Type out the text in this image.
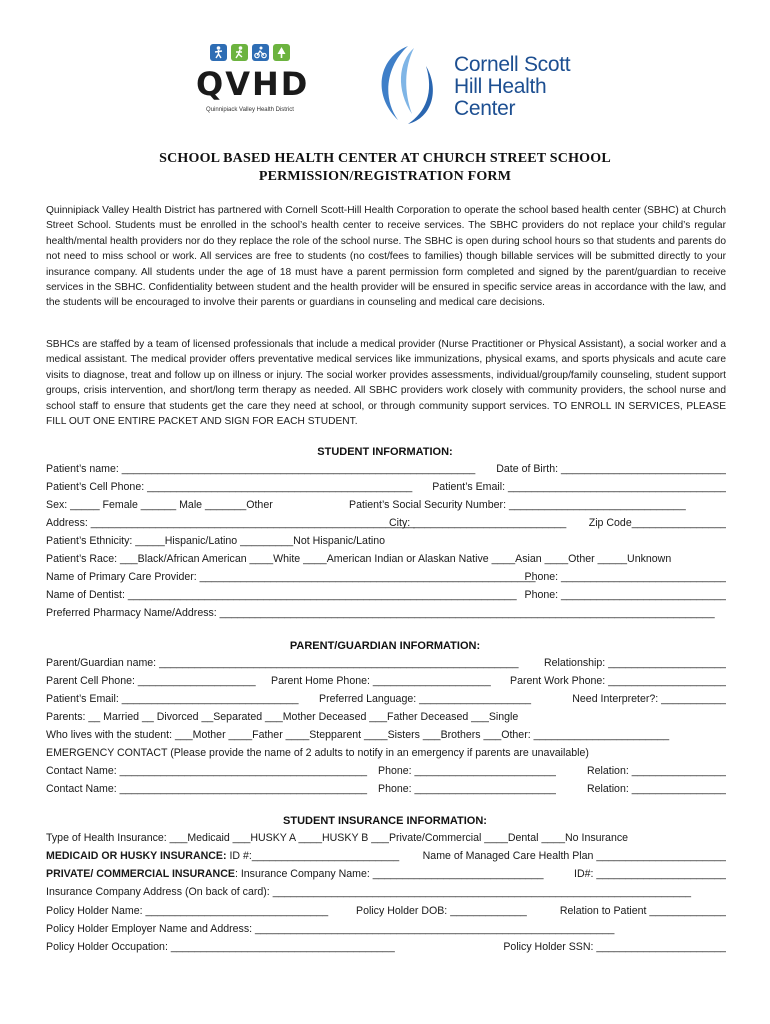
QVHD
Quinnipiack Valley Health District
Cornell Scott
Hill Health
Center
SCHOOL BASED HEALTH CENTER AT CHURCH STREET SCHOOL
PERMISSION/REGISTRATION FORM
Quinnipiack Valley Health District has partnered with Cornell Scott-Hill Health Corporation to operate the school based health center (SBHC) at Church Street School. Students must be enrolled in the school’s health center to receive services. The SBHC providers do not replace your child’s regular health/mental health providers nor do they replace the role of the school nurse. The SBHC is open during school hours so that students and parents do not need to miss school or work. All services are free to students (no cost/fees to families) though billable services will be submitted directly to your insurance company. All students under the age of 18 must have a parent permission form completed and signed by the parent/guardian to receive services in the SBHC. Confidentiality between student and the health provider will be ensured in specific service areas in accordance with the law, and the students will be encouraged to involve their parents or guardians in counseling and medical care decisions.
SBHCs are staffed by a team of licensed professionals that include a medical provider (Nurse Practitioner or Physical Assistant), a social worker and a medical assistant. The medical provider offers preventative medical services like immunizations, physical exams, and sports physicals and acute care visits to diagnose, treat and follow up on illness or injury. The social worker provides assessments, individual/group/family counseling, student support groups, crisis intervention, and short/long term therapy as needed. All SBHC providers work closely with community providers, the school nurse and school staff to ensure that students get the care they need at school, or through community support services. TO ENROLL IN SERVICES, PLEASE FILL OUT ONE ENTIRE PACKET AND SIGN FOR EACH STUDENT.
STUDENT INFORMATION:
Patient’s name: ____________________________________________________________ Date of Birth: ____________________________
Patient’s Cell Phone: _____________________________________________ Patient’s Email: _____________________________________
Sex: _____ Female ______ Male _______Other	Patient’s Social Security Number: ______________________________
Address: _______________________________________________________
City: __________________________ Zip Code________________
Patient’s Ethnicity: _____Hispanic/Latino _________Not Hispanic/Latino
Patient’s Race: ___Black/African American ____White ____American Indian or Alaskan Native ____Asian ____Other _____Unknown
Name of Primary Care Provider: _________________________________________________________
Phone: ____________________________
Name of Dentist: __________________________________________________________________ Phone: ____________________________
Preferred Pharmacy Name/Address: ____________________________________________________________________________________
PARENT/GUARDIAN INFORMATION:
Parent/Guardian name: _____________________________________________________________ Relationship: ____________________
Parent Cell Phone: ____________________ Parent Home Phone: ____________________ Parent Work Phone: ____________________
Patient’s Email: ______________________________ Preferred Language: ___________________	Need Interpreter?: ___________
Parents: __ Married __ Divorced __Separated ___Mother Deceased ___Father Deceased ___Single
Who lives with the student: ___Mother ____Father ____Stepparent ____Sisters ___Brothers ___Other: _______________________
EMERGENCY CONTACT (Please provide the name of 2 adults to notify in an emergency if parents are unavailable)
Contact Name: __________________________________________ Phone: ________________________	Relation: ________________
Contact Name: __________________________________________ Phone: ________________________	Relation: ________________
STUDENT INSURANCE INFORMATION:
Type of Health Insurance: ___Medicaid ___HUSKY A ____HUSKY B ___Private/Commercial ____Dental ____No Insurance
MEDICAID OR HUSKY INSURANCE: ID #:_________________________ Name of Managed Care Health Plan ______________________
PRIVATE/ COMMERCIAL INSURANCE: Insurance Company Name: _____________________________	ID#: ______________________
Insurance Company Address (On back of card): _______________________________________________________________________
Policy Holder Name: _______________________________	Policy Holder DOB: _____________	Relation to Patient _____________
Policy Holder Employer Name and Address: _____________________________________________________________
Policy Holder Occupation: ______________________________________	Policy Holder SSN: ______________________
